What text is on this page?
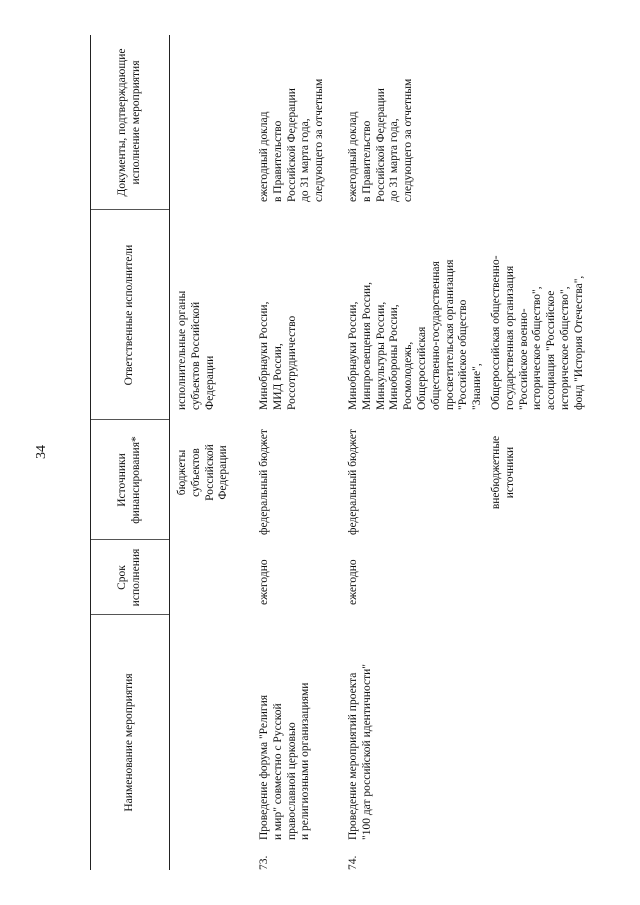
34
Наименование мероприятия
Срок
исполнения
Источники финансирования*
Ответственные исполнители
Документы, подтверждающие исполнение мероприятия
бюджеты субъектов
Российской
Федерации
исполнительные органы
субъектов Российской
Федерации
73.
Проведение форума "Религия
и мир" совместно с Русской
православной церковью
и религиозными организациями
ежегодно
федеральный бюджет
Минобрнауки России,
МИД России,
Россотрудничество
ежегодный доклад
в Правительство
Российской Федерации
до 31 марта года,
следующего за отчетным
74.
Проведение мероприятий проекта
"100 дат российской идентичности"
ежегодно
федеральный бюджет	внебюджетные
источники
Минобрнауки России,
Минпросвещения России,
Минкультуры России,
Минобороны России,
Росмолодежь,
Общероссийская
общественно-государственная
просветительская организация
"Российское общество
"Знание", Общероссийская общественно-
государственная организация
"Российское военно-
историческое общество",
ассоциация "Российское
историческое общество",
фонд "История Отечества",
ежегодный доклад
в Правительство
Российской Федерации
до 31 марта года,
следующего за отчетным
